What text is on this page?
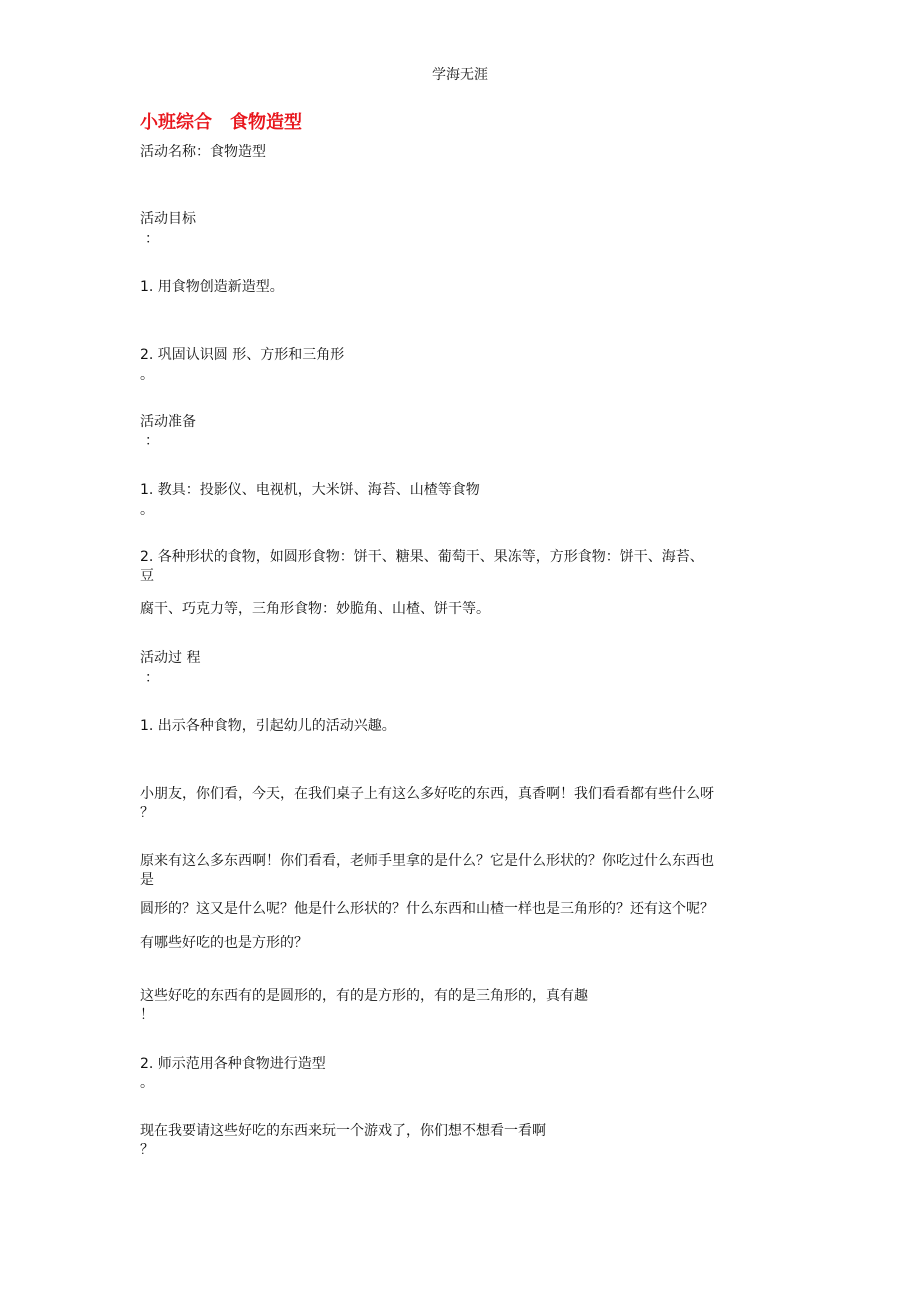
学海无涯
小班综合　食物造型
活动名称：食物造型
活动目标
：
1. 用食物创造新造型。
2. 巩固认识圆 形、方形和三角形
。
活动准备
：
1. 教具：投影仪、电视机，大米饼、海苔、山楂等食物
。
2. 各种形状的食物，如圆形食物：饼干、糖果、葡萄干、果冻等，方形食物：饼干、海苔、
豆
腐干、巧克力等，三角形食物：妙脆角、山楂、饼干等。
活动过 程
：
1. 出示各种食物，引起幼儿的活动兴趣。
小朋友，你们看，今天，在我们桌子上有这么多好吃的东西，真香啊！我们看看都有些什么呀
？
原来有这么多东西啊！你们看看，老师手里拿的是什么？它是什么形状的？你吃过什么东西也
是
圆形的？这又是什么呢？他是什么形状的？什么东西和山楂一样也是三角形的？还有这个呢？
有哪些好吃的也是方形的？
这些好吃的东西有的是圆形的，有的是方形的，有的是三角形的，真有趣
！
2. 师示范用各种食物进行造型
。
现在我要请这些好吃的东西来玩一个游戏了，你们想不想看一看啊
？
